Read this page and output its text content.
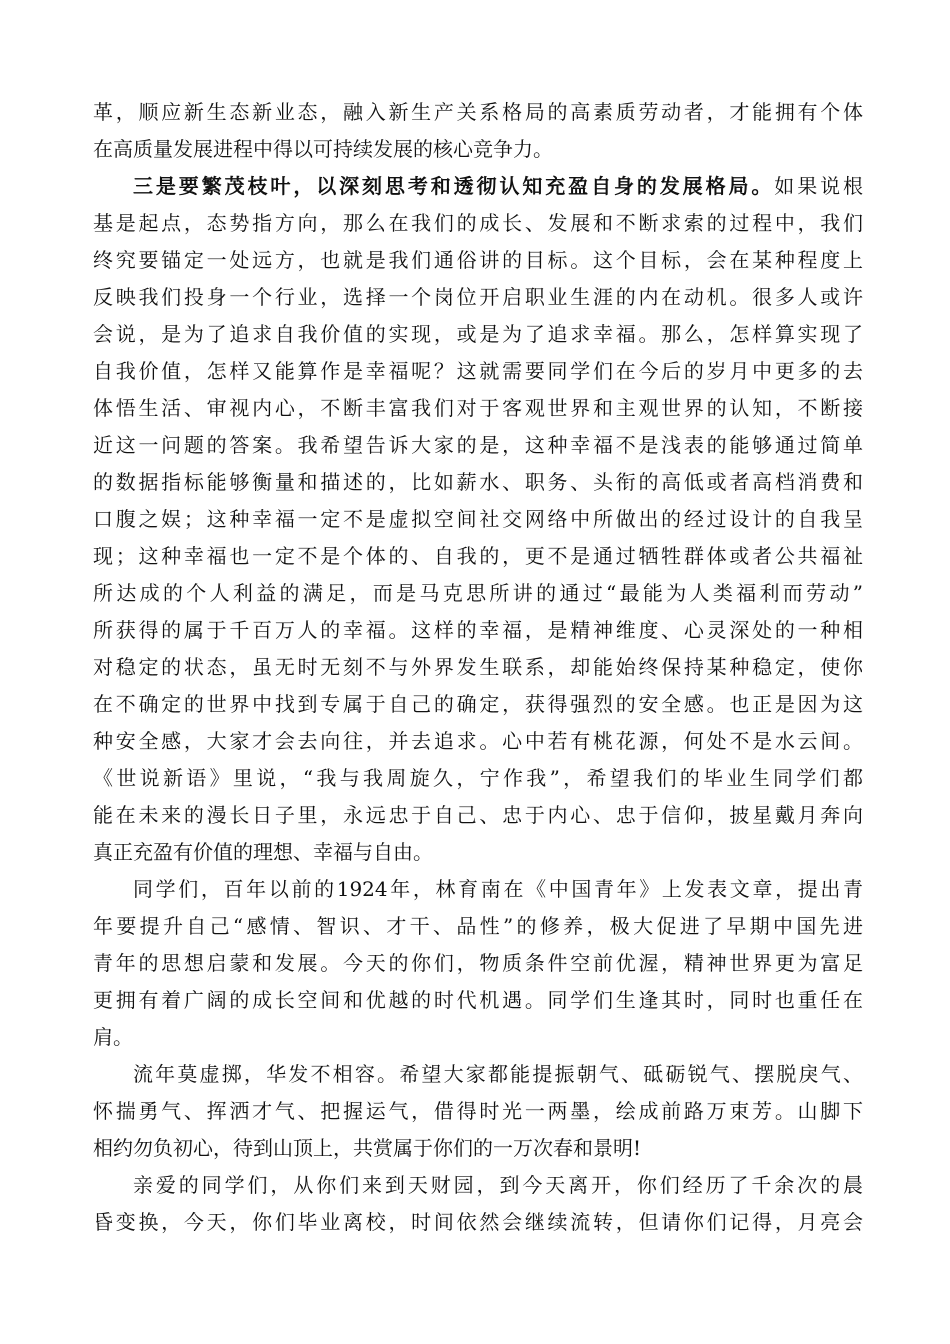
革，顺应新生态新业态，融入新生产关系格局的高素质劳动者，才能拥有个体
在高质量发展进程中得以可持续发展的核心竞争力。
三是要繁茂枝叶，以深刻思考和透彻认知充盈自身的发展格局。如果说根
基是起点，态势指方向，那么在我们的成长、发展和不断求索的过程中，我们
终究要锚定一处远方，也就是我们通俗讲的目标。这个目标，会在某种程度上
反映我们投身一个行业，选择一个岗位开启职业生涯的内在动机。很多人或许
会说，是为了追求自我价值的实现，或是为了追求幸福。那么，怎样算实现了
自我价值，怎样又能算作是幸福呢？这就需要同学们在今后的岁月中更多的去
体悟生活、审视内心，不断丰富我们对于客观世界和主观世界的认知，不断接
近这一问题的答案。我希望告诉大家的是，这种幸福不是浅表的能够通过简单
的数据指标能够衡量和描述的，比如薪水、职务、头衔的高低或者高档消费和
口腹之娱；这种幸福一定不是虚拟空间社交网络中所做出的经过设计的自我呈
现；这种幸福也一定不是个体的、自我的，更不是通过牺牲群体或者公共福祉
所达成的个人利益的满足，而是马克思所讲的通过“最能为人类福利而劳动”
所获得的属于千百万人的幸福。这样的幸福，是精神维度、心灵深处的一种相
对稳定的状态，虽无时无刻不与外界发生联系，却能始终保持某种稳定，使你
在不确定的世界中找到专属于自己的确定，获得强烈的安全感。也正是因为这
种安全感，大家才会去向往，并去追求。心中若有桃花源，何处不是水云间。
《世说新语》里说，“我与我周旋久，宁作我”，希望我们的毕业生同学们都
能在未来的漫长日子里，永远忠于自己、忠于内心、忠于信仰，披星戴月奔向
真正充盈有价值的理想、幸福与自由。
同学们，百年以前的1924年，林育南在《中国青年》上发表文章，提出青
年要提升自己“感情、智识、才干、品性”的修养，极大促进了早期中国先进
青年的思想启蒙和发展。今天的你们，物质条件空前优渥，精神世界更为富足
更拥有着广阔的成长空间和优越的时代机遇。同学们生逢其时，同时也重任在
肩。
流年莫虚掷，华发不相容。希望大家都能提振朝气、砥砺锐气、摆脱戾气、
怀揣勇气、挥洒才气、把握运气，借得时光一两墨，绘成前路万束芳。山脚下
相约勿负初心，待到山顶上，共赏属于你们的一万次春和景明!
亲爱的同学们，从你们来到天财园，到今天离开，你们经历了千余次的晨
昏变换，今天，你们毕业离校，时间依然会继续流转，但请你们记得，月亮会
